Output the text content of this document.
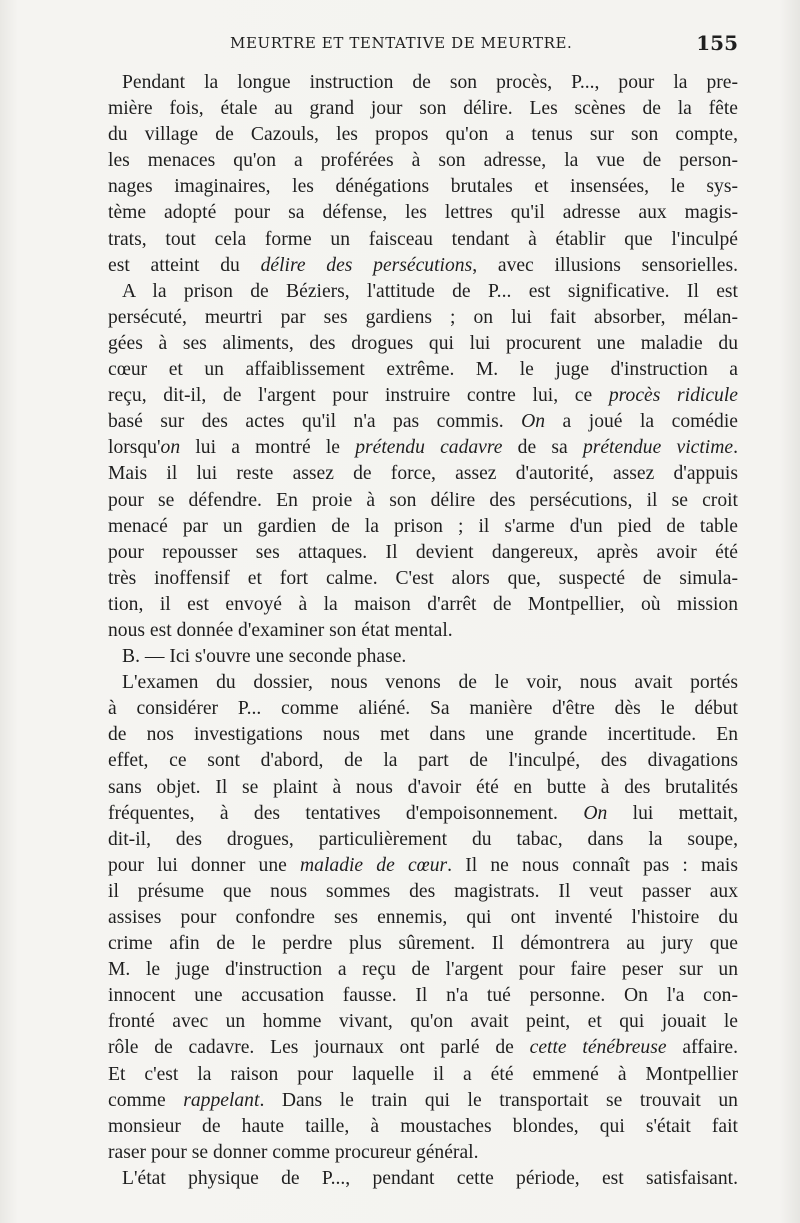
MEURTRE ET TENTATIVE DE MEURTRE.	155
Pendant la longue instruction de son procès, P..., pour la pre-
mière fois, étale au grand jour son délire. Les scènes de la fête
du village de Cazouls, les propos qu'on a tenus sur son compte,
les menaces qu'on a proférées à son adresse, la vue de person-
nages imaginaires, les dénégations brutales et insensées, le sys-
tème adopté pour sa défense, les lettres qu'il adresse aux magis-
trats, tout cela forme un faisceau tendant à établir que l'inculpé
est atteint du délire des persécutions, avec illusions sensorielles.
A la prison de Béziers, l'attitude de P... est significative. Il est
persécuté, meurtri par ses gardiens ; on lui fait absorber, mélan-
gées à ses aliments, des drogues qui lui procurent une maladie du
cœur et un affaiblissement extrême. M. le juge d'instruction a
reçu, dit-il, de l'argent pour instruire contre lui, ce procès ridicule
basé sur des actes qu'il n'a pas commis. On a joué la comédie
lorsqu'on lui a montré le prétendu cadavre de sa prétendue victime.
Mais il lui reste assez de force, assez d'autorité, assez d'appuis
pour se défendre. En proie à son délire des persécutions, il se croit
menacé par un gardien de la prison ; il s'arme d'un pied de table
pour repousser ses attaques. Il devient dangereux, après avoir été
très inoffensif et fort calme. C'est alors que, suspecté de simula-
tion, il est envoyé à la maison d'arrêt de Montpellier, où mission
nous est donnée d'examiner son état mental.
B. — Ici s'ouvre une seconde phase.
L'examen du dossier, nous venons de le voir, nous avait portés
à considérer P... comme aliéné. Sa manière d'être dès le début
de nos investigations nous met dans une grande incertitude. En
effet, ce sont d'abord, de la part de l'inculpé, des divagations
sans objet. Il se plaint à nous d'avoir été en butte à des brutalités
fréquentes, à des tentatives d'empoisonnement. On lui mettait,
dit-il, des drogues, particulièrement du tabac, dans la soupe,
pour lui donner une maladie de cœur. Il ne nous connaît pas : mais
il présume que nous sommes des magistrats. Il veut passer aux
assises pour confondre ses ennemis, qui ont inventé l'histoire du
crime afin de le perdre plus sûrement. Il démontrera au jury que
M. le juge d'instruction a reçu de l'argent pour faire peser sur un
innocent une accusation fausse. Il n'a tué personne. On l'a con-
fronté avec un homme vivant, qu'on avait peint, et qui jouait le
rôle de cadavre. Les journaux ont parlé de cette ténébreuse affaire.
Et c'est la raison pour laquelle il a été emmené à Montpellier
comme rappelant. Dans le train qui le transportait se trouvait un
monsieur de haute taille, à moustaches blondes, qui s'était fait
raser pour se donner comme procureur général.
L'état physique de P..., pendant cette période, est satisfaisant.
